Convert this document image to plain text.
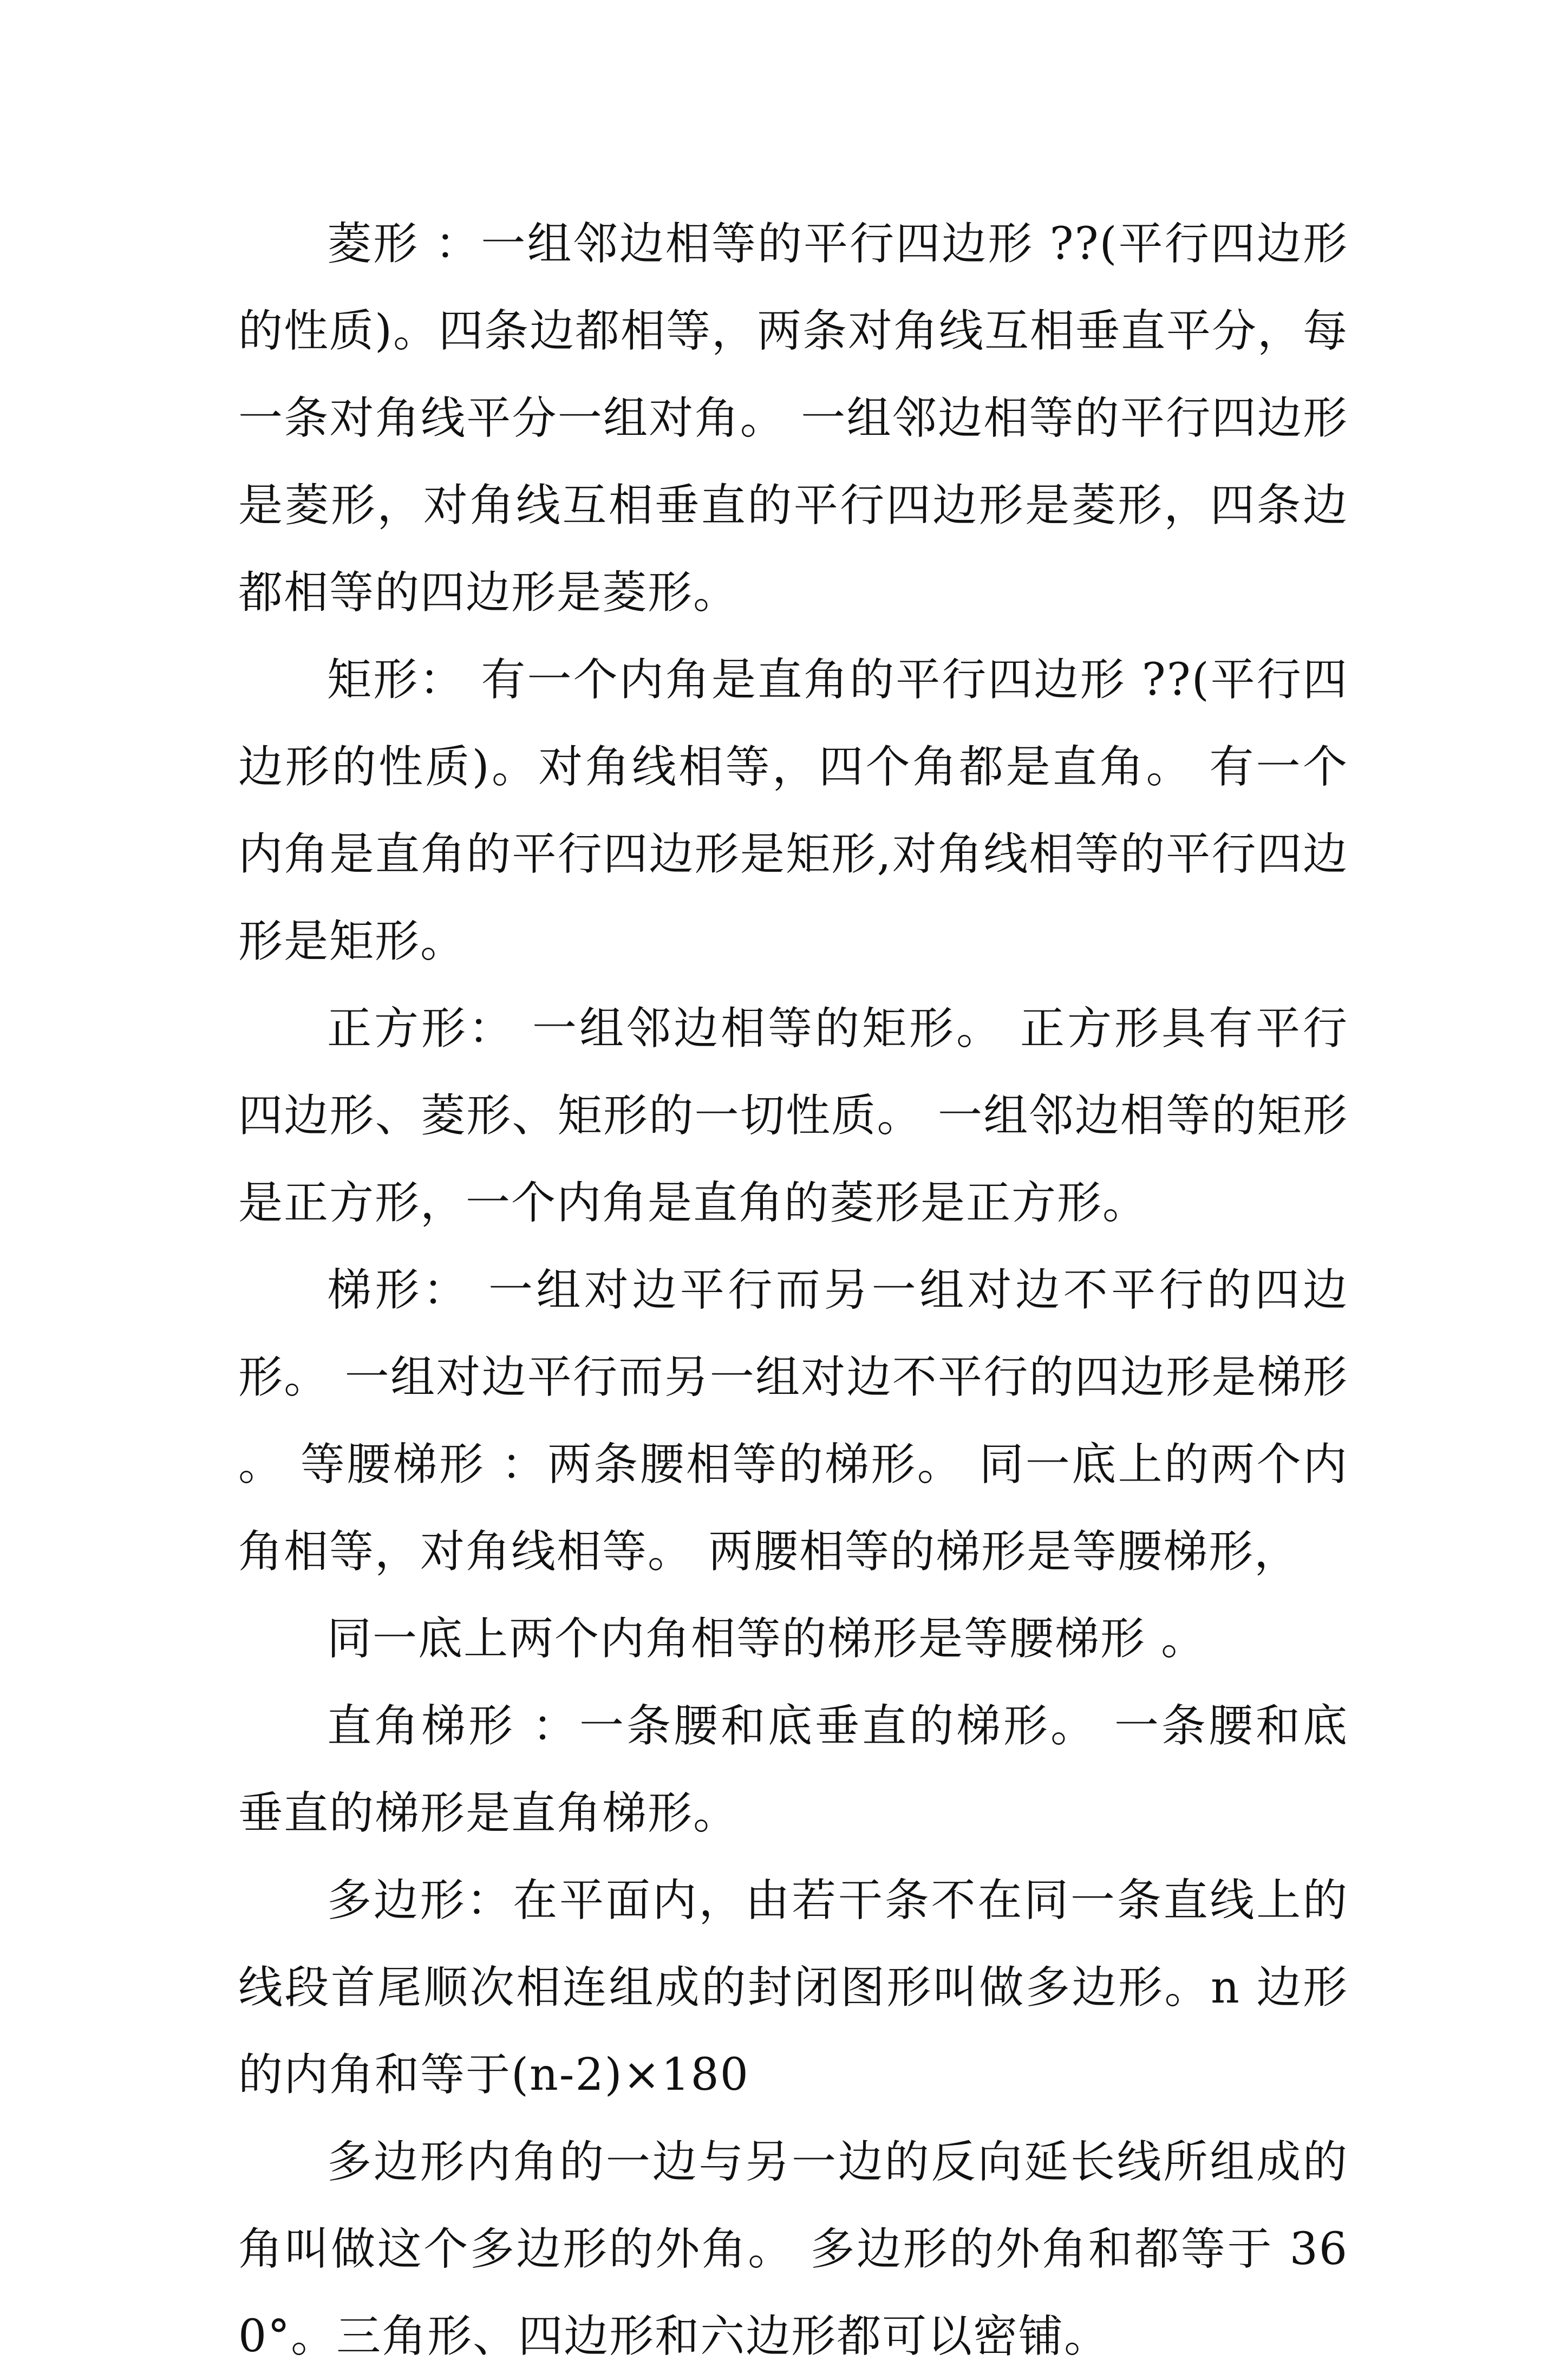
菱形 ：一组邻边相等的平行四边形 ??(平行四边形的性质)。四条边都相等，两条对角线互相垂直平分，每一条对角线平分一组对角。 一组邻边相等的平行四边形是菱形，对角线互相垂直的平行四边形是菱形，四条边都相等的四边形是菱形。

矩形： 有一个内角是直角的平行四边形 ??(平行四边形的性质)。对角线相等，四个角都是直角。 有一个内角是直角的平行四边形是矩形,对角线相等的平行四边形是矩形。

正方形： 一组邻边相等的矩形。 正方形具有平行四边形、菱形、矩形的一切性质。 一组邻边相等的矩形是正方形，一个内角是直角的菱形是正方形。

梯形： 一组对边平行而另一组对边不平行的四边形。 一组对边平行而另一组对边不平行的四边形是梯形 。 等腰梯形 ：两条腰相等的梯形。 同一底上的两个内角相等，对角线相等。 两腰相等的梯形是等腰梯形，

同一底上两个内角相等的梯形是等腰梯形 。

直角梯形 ：一条腰和底垂直的梯形。 一条腰和底垂直的梯形是直角梯形。

多边形：在平面内，由若干条不在同一条直线上的线段首尾顺次相连组成的封闭图形叫做多边形。n 边形的内角和等于(n-2)×180

多边形内角的一边与另一边的反向延长线所组成的角叫做这个多边形的外角。 多边形的外角和都等于 360°。三角形、四边形和六边形都可以密铺。
